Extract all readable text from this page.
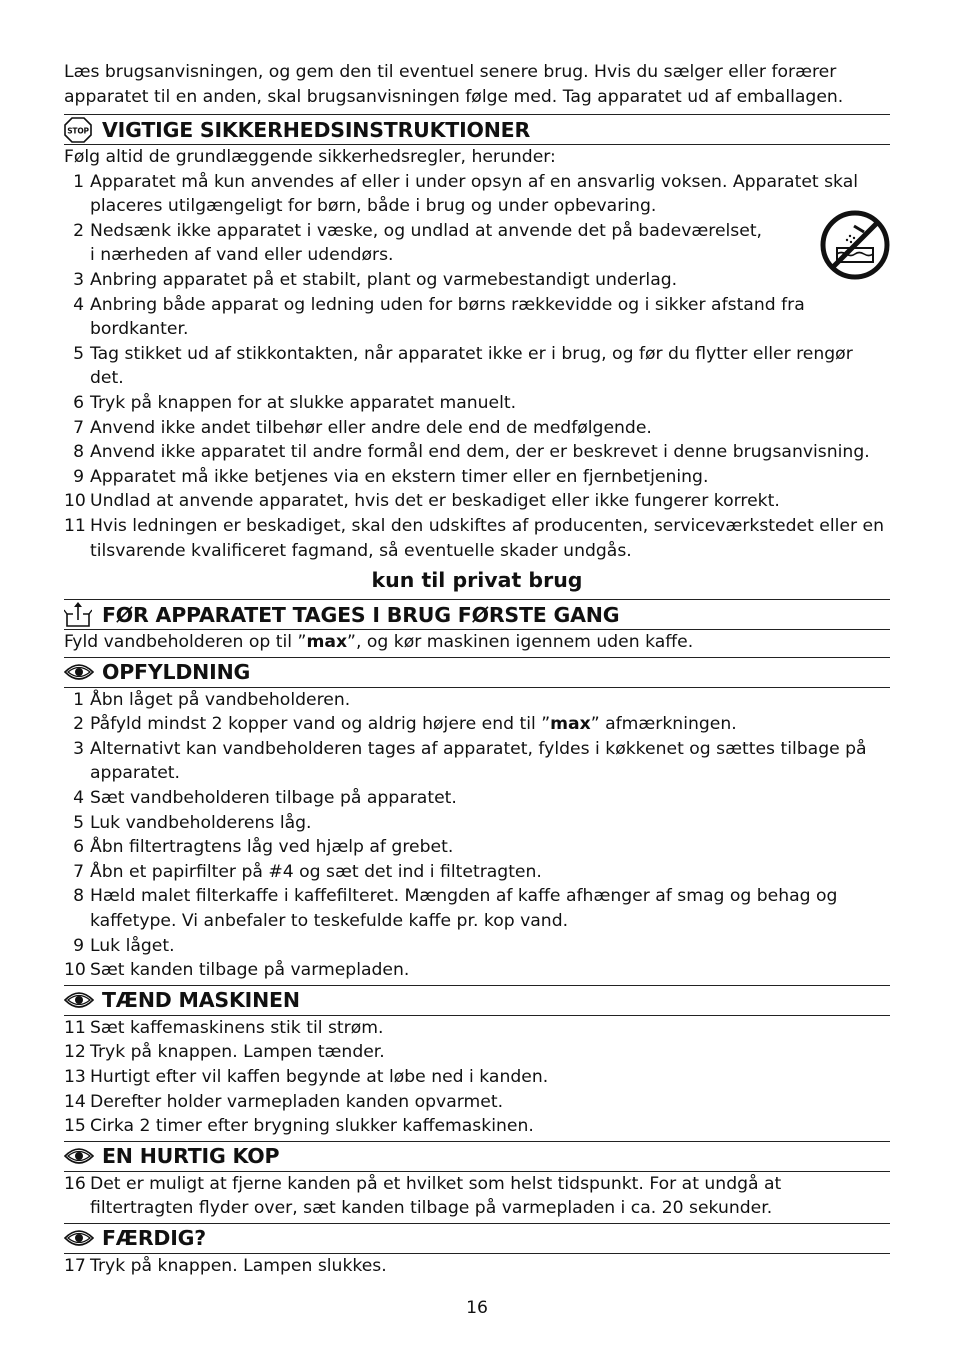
Læs brugsanvisningen, og gem den til eventuel senere brug. Hvis du sælger eller forærer apparatet til en anden, skal brugsanvisningen følge med. Tag apparatet ud af emballagen.

STOP VIGTIGE SIKKERHEDSINSTRUKTIONER
Følg altid de grundlæggende sikkerhedsregler, herunder:
1 Apparatet må kun anvendes af eller i under opsyn af en ansvarlig voksen. Apparatet skal placeres utilgængeligt for børn, både i brug og under opbevaring.
2 Nedsænk ikke apparatet i væske, og undlad at anvende det på badeværelset, i nærheden af vand eller udendørs.
3 Anbring apparatet på et stabilt, plant og varmebestandigt underlag.
4 Anbring både apparat og ledning uden for børns rækkevidde og i sikker afstand fra bordkanter.
5 Tag stikket ud af stikkontakten, når apparatet ikke er i brug, og før du flytter eller rengør det.
6 Tryk på knappen for at slukke apparatet manuelt.
7 Anvend ikke andet tilbehør eller andre dele end de medfølgende.
8 Anvend ikke apparatet til andre formål end dem, der er beskrevet i denne brugsanvisning.
9 Apparatet må ikke betjenes via en ekstern timer eller en fjernbetjening.
10 Undlad at anvende apparatet, hvis det er beskadiget eller ikke fungerer korrekt.
11 Hvis ledningen er beskadiget, skal den udskiftes af producenten, serviceværkstedet eller en tilsvarende kvalificeret fagmand, så eventuelle skader undgås.
kun til privat brug
FØR APPARATET TAGES I BRUG FØRSTE GANG
Fyld vandbeholderen op til ”max”, og kør maskinen igennem uden kaffe.
OPFYLDNING
1 Åbn låget på vandbeholderen.
2 Påfyld mindst 2 kopper vand og aldrig højere end til ”max” afmærkningen.
3 Alternativt kan vandbeholderen tages af apparatet, fyldes i køkkenet og sættes tilbage på apparatet.
4 Sæt vandbeholderen tilbage på apparatet.
5 Luk vandbeholderens låg.
6 Åbn filtertragtens låg ved hjælp af grebet.
7 Åbn et papirfilter på #4 og sæt det ind i filtetragten.
8 Hæld malet filterkaffe i kaffefilteret. Mængden af kaffe afhænger af smag og behag og kaffetype. Vi anbefaler to teskefulde kaffe pr. kop vand.
9 Luk låget.
10 Sæt kanden tilbage på varmepladen.
TÆND MASKINEN
11 Sæt kaffemaskinens stik til strøm.
12 Tryk på knappen. Lampen tænder.
13 Hurtigt efter vil kaffen begynde at løbe ned i kanden.
14 Derefter holder varmepladen kanden opvarmet.
15 Cirka 2 timer efter brygning slukker kaffemaskinen.
EN HURTIG KOP
16 Det er muligt at fjerne kanden på et hvilket som helst tidspunkt. For at undgå at filtertragten flyder over, sæt kanden tilbage på varmepladen i ca. 20 sekunder.
FÆRDIG?
17 Tryk på knappen. Lampen slukkes.
16
